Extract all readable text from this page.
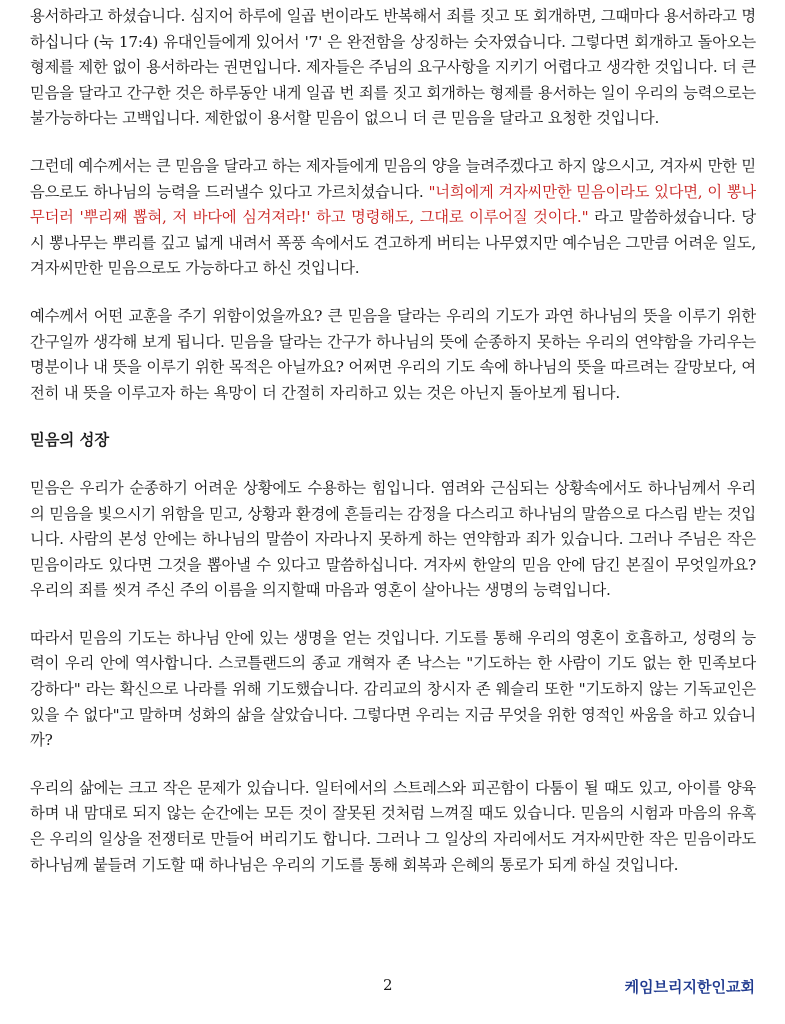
용서하라고 하셨습니다. 심지어 하루에 일곱 번이라도 반복해서 죄를 짓고 또 회개하면, 그때마다 용서하라고 명하십니다 (눅 17:4) 유대인들에게 있어서 '7' 은 완전함을 상징하는 숫자였습니다. 그렇다면 회개하고 돌아오는 형제를 제한 없이 용서하라는 권면입니다. 제자들은 주님의 요구사항을 지키기 어렵다고 생각한 것입니다. 더 큰 믿음을 달라고 간구한 것은 하루동안 내게 일곱 번 죄를 짓고 회개하는 형제를 용서하는 일이 우리의 능력으로는 불가능하다는 고백입니다. 제한없이 용서할 믿음이 없으니 더 큰 믿음을 달라고 요청한 것입니다.

그런데 예수께서는 큰 믿음을 달라고 하는 제자들에게 믿음의 양을 늘려주겠다고 하지 않으시고, 겨자씨 만한 믿음으로도 하나님의 능력을 드러낼수 있다고 가르치셨습니다. "너희에게 겨자씨만한 믿음이라도 있다면, 이 뽕나무더러 '뿌리째 뽑혀, 저 바다에 심겨져라!' 하고 명령해도, 그대로 이루어질 것이다." 라고 말씀하셨습니다. 당시 뽕나무는 뿌리를 깊고 넓게 내려서 폭풍 속에서도 견고하게 버티는 나무였지만 예수님은 그만큼 어려운 일도, 겨자씨만한 믿음으로도 가능하다고 하신 것입니다.

예수께서 어떤 교훈을 주기 위함이었을까요? 큰 믿음을 달라는 우리의 기도가 과연 하나님의 뜻을 이루기 위한 간구일까 생각해 보게 됩니다. 믿음을 달라는 간구가 하나님의 뜻에 순종하지 못하는 우리의 연약함을 가리우는 명분이나 내 뜻을 이루기 위한 목적은 아닐까요? 어쩌면 우리의 기도 속에 하나님의 뜻을 따르려는 갈망보다, 여전히 내 뜻을 이루고자 하는 욕망이 더 간절히 자리하고 있는 것은 아닌지 돌아보게 됩니다.

믿음의 성장

믿음은 우리가 순종하기 어려운 상황에도 수용하는 힘입니다. 염려와 근심되는 상황속에서도 하나님께서 우리의 믿음을 빛으시기 위함을 믿고, 상황과 환경에 흔들리는 감정을 다스리고 하나님의 말씀으로 다스림 받는 것입니다. 사람의 본성 안에는 하나님의 말씀이 자라나지 못하게 하는 연약함과 죄가 있습니다. 그러나 주님은 작은 믿음이라도 있다면 그것을 뽑아낼 수 있다고 말씀하십니다. 겨자씨 한알의 믿음 안에 담긴 본질이 무엇일까요? 우리의 죄를 씻겨 주신 주의 이름을 의지할때 마음과 영혼이 살아나는 생명의 능력입니다.

따라서 믿음의 기도는 하나님 안에 있는 생명을 얻는 것입니다. 기도를 통해 우리의 영혼이 호흡하고, 성령의 능력이 우리 안에 역사합니다. 스코틀랜드의 종교 개혁자 존 낙스는 "기도하는 한 사람이 기도 없는 한 민족보다 강하다" 라는 확신으로 나라를 위해 기도했습니다. 감리교의 창시자 존 웨슬리 또한 "기도하지 않는 기독교인은 있을 수 없다"고 말하며 성화의 삶을 살았습니다. 그렇다면 우리는 지금 무엇을 위한 영적인 싸움을 하고 있습니까?

우리의 삶에는 크고 작은 문제가 있습니다. 일터에서의 스트레스와 피곤함이 다툼이 될 때도 있고, 아이를 양육하며 내 맘대로 되지 않는 순간에는 모든 것이 잘못된 것처럼 느껴질 때도 있습니다. 믿음의 시험과 마음의 유혹은 우리의 일상을 전쟁터로 만들어 버리기도 합니다. 그러나 그 일상의 자리에서도 겨자씨만한 작은 믿음이라도 하나님께 붙들려 기도할 때 하나님은 우리의 기도를 통해 회복과 은혜의 통로가 되게 하실 것입니다.

2	케임브리지한인교회
